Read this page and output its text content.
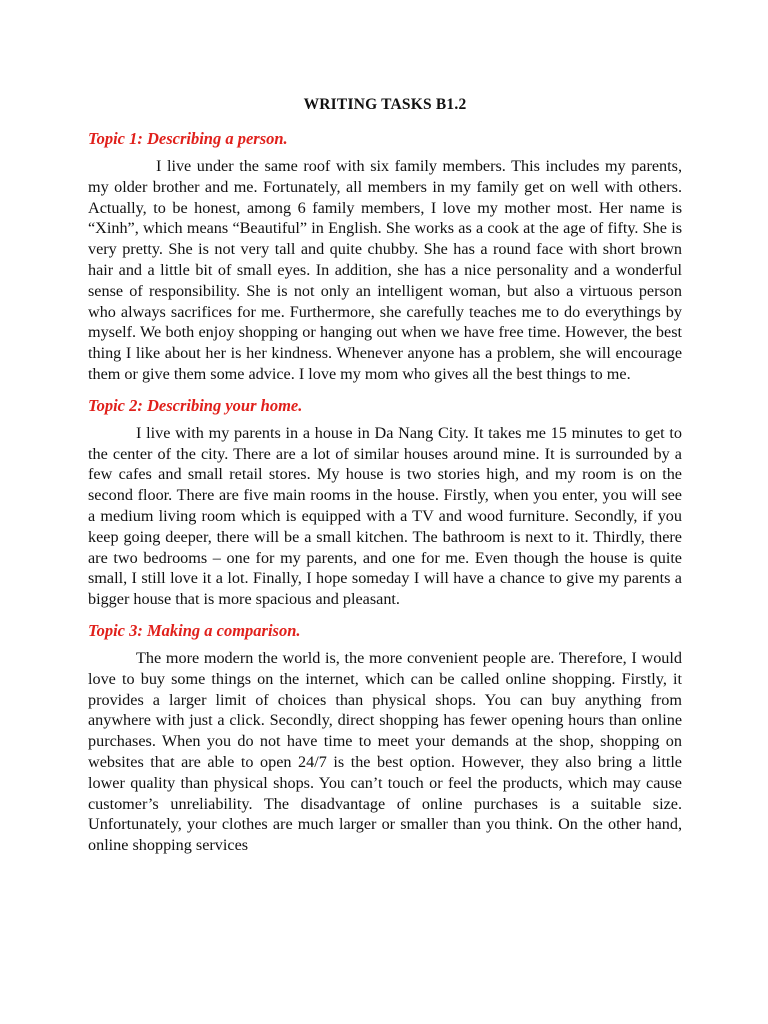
WRITING TASKS B1.2
Topic 1: Describing a person.

I live under the same roof with six family members. This includes my parents, my older brother and me. Fortunately, all members in my family get on well with others. Actually, to be honest, among 6 family members, I love my mother most. Her name is “Xinh”, which means “Beautiful” in English. She works as a cook at the age of fifty. She is very pretty. She is not very tall and quite chubby. She has a round face with short brown hair and a little bit of small eyes. In addition, she has a nice personality and a wonderful sense of responsibility. She is not only an intelligent woman, but also a virtuous person who always sacrifices for me. Furthermore, she carefully teaches me to do everythings by myself. We both enjoy shopping or hanging out when we have free time. However, the best thing I like about her is her kindness. Whenever anyone has a problem, she will encourage them or give them some advice. I love my mom who gives all the best things to me.

Topic 2: Describing your home.

I live with my parents in a house in Da Nang City. It takes me 15 minutes to get to the center of the city. There are a lot of similar houses around mine. It is surrounded by a few cafes and small retail stores. My house is two stories high, and my room is on the second floor. There are five main rooms in the house. Firstly, when you enter, you will see a medium living room which is equipped with a TV and wood furniture. Secondly, if you keep going deeper, there will be a small kitchen. The bathroom is next to it. Thirdly, there are two bedrooms – one for my parents, and one for me. Even though the house is quite small, I still love it a lot. Finally, I hope someday I will have a chance to give my parents a bigger house that is more spacious and pleasant.

Topic 3: Making a comparison.

The more modern the world is, the more convenient people are. Therefore, I would love to buy some things on the internet, which can be called online shopping. Firstly, it provides a larger limit of choices than physical shops. You can buy anything from anywhere with just a click. Secondly, direct shopping has fewer opening hours than online purchases. When you do not have time to meet your demands at the shop, shopping on websites that are able to open 24/7 is the best option. However, they also bring a little lower quality than physical shops. You can’t touch or feel the products, which may cause customer’s unreliability. The disadvantage of online purchases is a suitable size. Unfortunately, your clothes are much larger or smaller than you think. On the other hand, online shopping services
